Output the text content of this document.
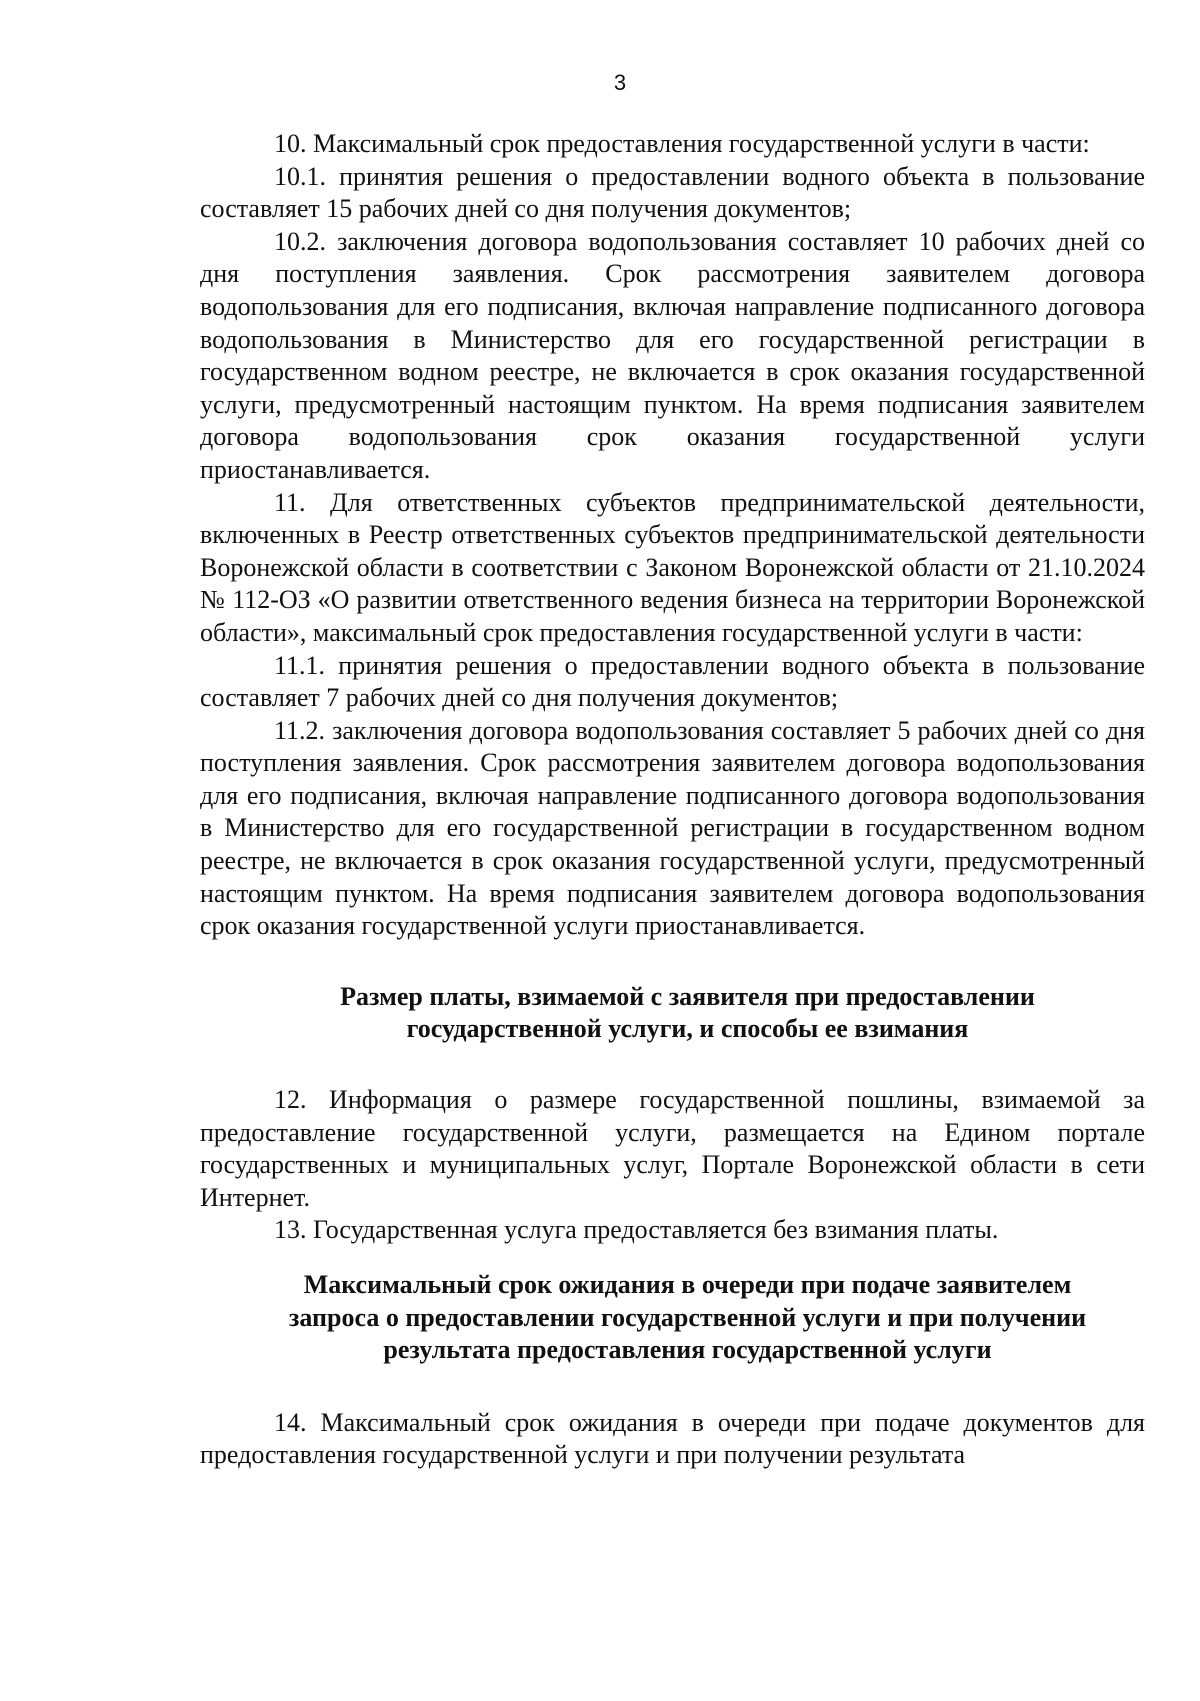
3

10. Максимальный срок предоставления государственной услуги в части:

10.1. принятия решения о предоставлении водного объекта в пользование составляет 15 рабочих дней со дня получения документов;

10.2. заключения договора водопользования составляет 10 рабочих дней со дня поступления заявления. Срок рассмотрения заявителем договора водопользования для его подписания, включая направление подписанного договора водопользования в Министерство для его государственной регистрации в государственном водном реестре, не включается в срок оказания государственной услуги, предусмотренный настоящим пунктом. На время подписания заявителем договора водопользования срок оказания государственной услуги приостанавливается.

11. Для ответственных субъектов предпринимательской деятельности, включенных в Реестр ответственных субъектов предпринимательской деятельности Воронежской области в соответствии с Законом Воронежской области от 21.10.2024 № 112-ОЗ «О развитии ответственного ведения бизнеса на территории Воронежской области», максимальный срок предоставления государственной услуги в части:

11.1. принятия решения о предоставлении водного объекта в пользование составляет 7 рабочих дней со дня получения документов;

11.2. заключения договора водопользования составляет 5 рабочих дней со дня поступления заявления. Срок рассмотрения заявителем договора водопользования для его подписания, включая направление подписанного договора водопользования в Министерство для его государственной регистрации в государственном водном реестре, не включается в срок оказания государственной услуги, предусмотренный настоящим пунктом. На время подписания заявителем договора водопользования срок оказания государственной услуги приостанавливается.

Размер платы, взимаемой с заявителя при предоставлении
государственной услуги, и способы ее взимания

12. Информация о размере государственной пошлины, взимаемой за предоставление государственной услуги, размещается на Едином портале государственных и муниципальных услуг, Портале Воронежской области в сети Интернет.

13. Государственная услуга предоставляется без взимания платы.

Максимальный срок ожидания в очереди при подаче заявителем
запроса о предоставлении государственной услуги и при получении
результата предоставления государственной услуги

14. Максимальный срок ожидания в очереди при подаче документов для предоставления государственной услуги и при получении результата
